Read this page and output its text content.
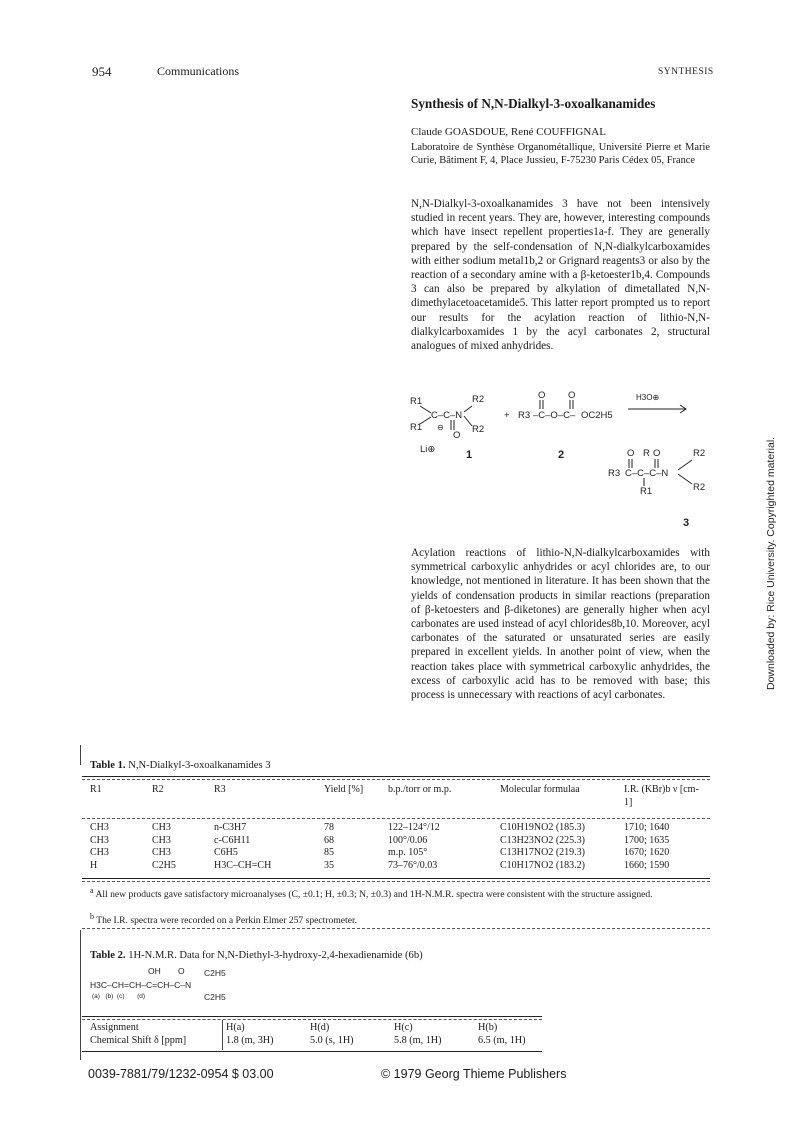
954	Communications	SYNTHESIS
Synthesis of N,N-Dialkyl-3-oxoalkanamides
Claude GOASDOUE, René COUFFIGNAL
Laboratoire de Synthèse Organométallique, Université Pierre et Marie Curie, Bâtiment F, 4, Place Jussieu, F-75230 Paris Cédex 05, France
N,N-Dialkyl-3-oxoalkanamides 3 have not been intensively studied in recent years. They are, however, interesting compounds which have insect repellent properties1a-f. They are generally prepared by the self-condensation of N,N-dialkylcarboxamides with either sodium metal1b,2 or Grignard reagents3 or also by the reaction of a secondary amine with a β-ketoester1b,4. Compounds 3 can also be prepared by alkylation of dimetallated N,N-dimethylacetoacetamide5. This latter report prompted us to report our results for the acylation reaction of lithio-N,N-dialkylcarboxamides 1 by the acyl carbonates 2, structural analogues of mixed anhydrides.
R1
R1
C–C–N
R2
R2
⊖
O
Li⊕
+ R3 –C–O–C– OC2H5
O O	H3O⊕
C–C–C–N
R3
O R O
R1
R2
R2
1	2
3
Acylation reactions of lithio-N,N-dialkylcarboxamides with symmetrical carboxylic anhydrides or acyl chlorides are, to our knowledge, not mentioned in literature. It has been shown that the yields of condensation products in similar reactions (preparation of β-ketoesters and β-diketones) are generally higher when acyl carbonates are used instead of acyl chlorides8b,10. Moreover, acyl carbonates of the saturated or unsaturated series are easily prepared in excellent yields. In another point of view, when the reaction takes place with symmetrical carboxylic anhydrides, the excess of carboxylic acid has to be removed with base; this process is unnecessary with reactions of acyl carbonates.
Downloaded by: Rice University. Copyrighted material.
Table 1. N,N-Dialkyl-3-oxoalkanamides 3
R1	R2	R3	Yield [%]	b.p./torr or m.p.	Molecular formulaa	I.R. (KBr)b ν [cm-1]
CH3	CH3	n-C3H7	78	122–124°/12	C10H19NO2 (185.3)	1710; 1640
CH3	CH3	c-C6H11	68	100°/0.06	C13H23NO2 (225.3)	1700; 1635
CH3	CH3	C6H5	85	m.p. 105°	C13H17NO2 (219.3)	1670; 1620
H	C2H5	H3C–CH=CH	35	73–76°/0.03	C10H17NO2 (183.2)	1660; 1590
$^a$ All new products gave satisfactory microanalyses (C, ±0.1; H, ±0.3; N, ±0.3) and 1H-N.M.R. spectra were consistent with the structure assigned.
$^b$ The I.R. spectra were recorded on a Perkin Elmer 257 spectrometer.
Table 2. 1H-N.M.R. Data for N,N-Diethyl-3-hydroxy-2,4-hexadienamide (6b)
OH O C2H5
H3C–CH=CH–C=CH–C–N
C2H5
(a)   (b)  (c)       (d)
Assignment	H(a)	H(d)	H(c)	H(b)
Chemical Shift δ [ppm]	1.8 (m, 3H)	5.0 (s, 1H)	5.8 (m, 1H)	6.5 (m, 1H)
0039-7881/79/1232-0954 $ 03.00	© 1979 Georg Thieme Publishers
